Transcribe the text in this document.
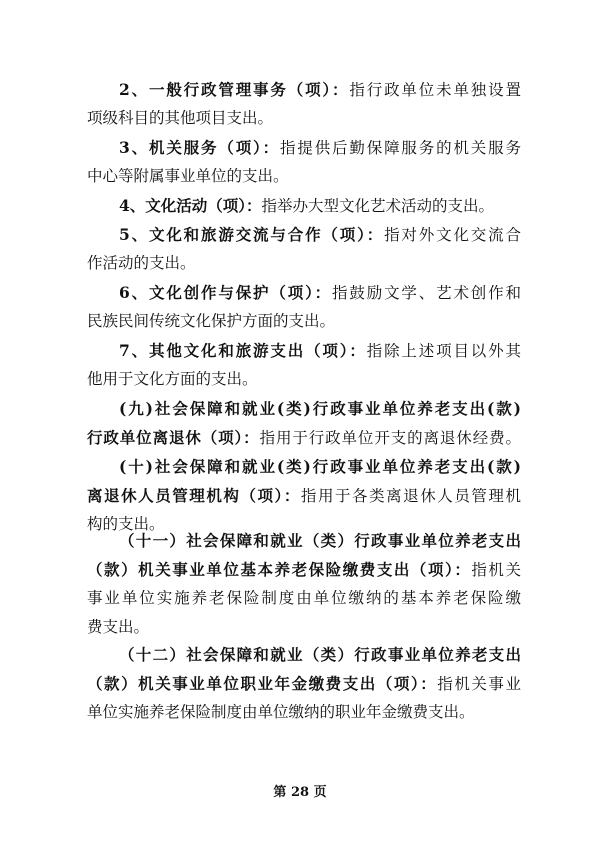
2、一般行政管理事务（项）：指行政单位未单独设置
项级科目的其他项目支出。
3、机关服务（项）：指提供后勤保障服务的机关服务
中心等附属事业单位的支出。
4、文化活动（项）：指举办大型文化艺术活动的支出。
5、文化和旅游交流与合作（项）：指对外文化交流合
作活动的支出。
6、文化创作与保护（项）：指鼓励文学、艺术创作和
民族民间传统文化保护方面的支出。
7、其他文化和旅游支出（项）：指除上述项目以外其
他用于文化方面的支出。
(九)社会保障和就业(类)行政事业单位养老支出(款)
行政单位离退休（项）：指用于行政单位开支的离退休经费。
(十)社会保障和就业(类)行政事业单位养老支出(款)
离退休人员管理机构（项）：指用于各类离退休人员管理机
构的支出。
（十一）社会保障和就业（类）行政事业单位养老支出
（款）机关事业单位基本养老保险缴费支出（项）：指机关
事业单位实施养老保险制度由单位缴纳的基本养老保险缴
费支出。
（十二）社会保障和就业（类）行政事业单位养老支出
（款）机关事业单位职业年金缴费支出（项）：指机关事业
单位实施养老保险制度由单位缴纳的职业年金缴费支出。
第 28 页
